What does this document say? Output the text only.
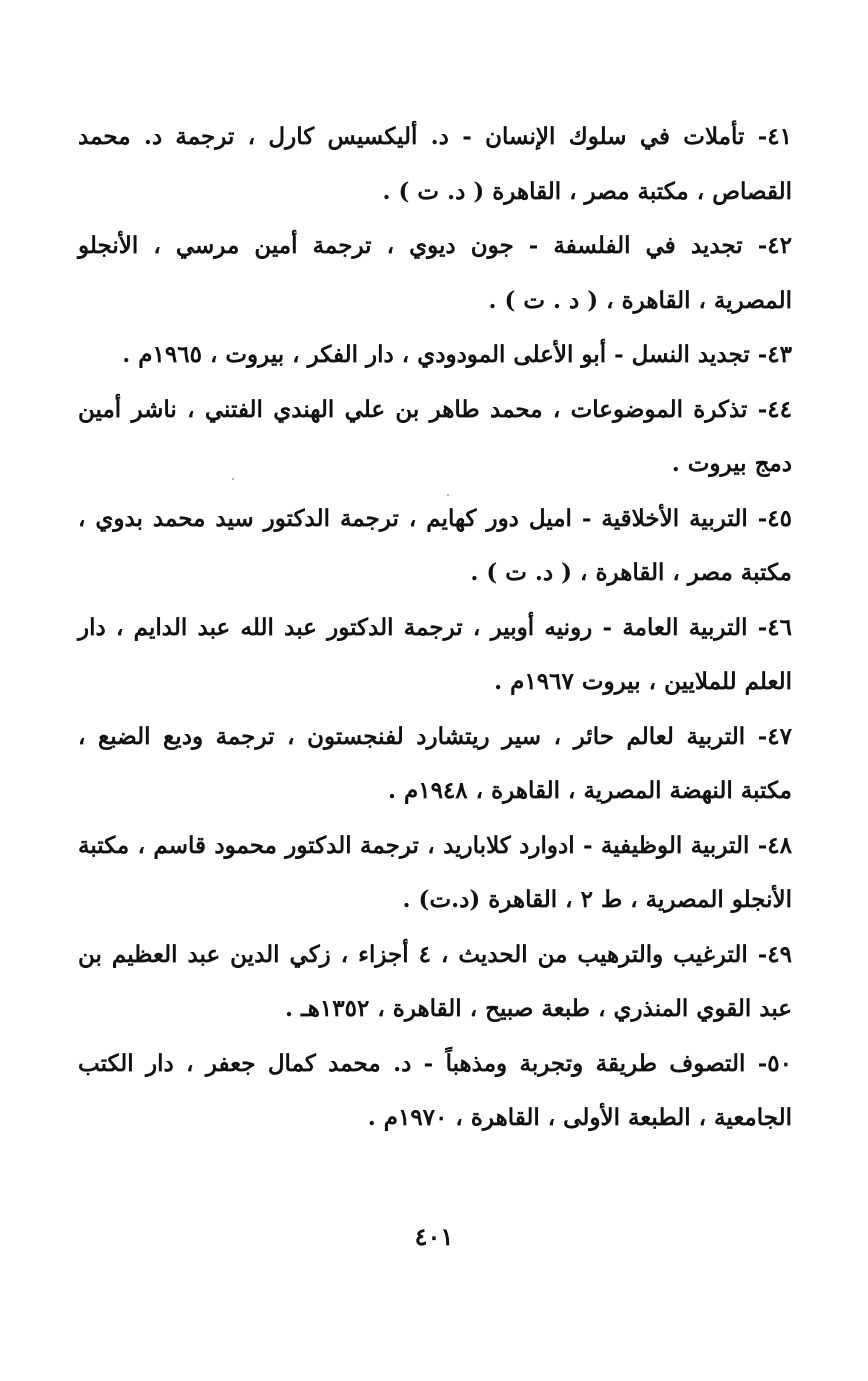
٤١- تأملات في سلوك الإنسان - د. أليكسيس كارل ، ترجمة د. محمد القصاص ، مكتبة مصر ، القاهرة ( د. ت ) .
٤٢- تجديد في الفلسفة - جون ديوي ، ترجمة أمين مرسي ، الأنجلو المصرية ، القاهرة ، ( د . ت ) .
٤٣- تجديد النسل - أبو الأعلى المودودي ، دار الفكر ، بيروت ، ١٩٦٥م .
٤٤- تذكرة الموضوعات ، محمد طاهر بن علي الهندي الفتني ، ناشر أمين دمج بيروت .
٤٥- التربية الأخلاقية - اميل دور كهايم ، ترجمة الدكتور سيد محمد بدوي ، مكتبة مصر ، القاهرة ، ( د. ت ) .
٤٦- التربية العامة - رونيه أوبير ، ترجمة الدكتور عبد الله عبد الدايم ، دار العلم للملايين ، بيروت ١٩٦٧م .
٤٧- التربية لعالم حائر ، سير ريتشارد لفنجستون ، ترجمة وديع الضبع ، مكتبة النهضة المصرية ، القاهرة ، ١٩٤٨م .
٤٨- التربية الوظيفية - ادوارد كلاباريد ، ترجمة الدكتور محمود قاسم ، مكتبة الأنجلو المصرية ، ط ٢ ، القاهرة (د.ت) .
٤٩- الترغيب والترهيب من الحديث ، ٤ أجزاء ، زكي الدين عبد العظيم بن عبد القوي المنذري ، طبعة صبيح ، القاهرة ، ١٣٥٢هـ .
٥٠- التصوف طريقة وتجربة ومذهباً - د. محمد كمال جعفر ، دار الكتب الجامعية ، الطبعة الأولى ، القاهرة ، ١٩٧٠م .
٤٠١
